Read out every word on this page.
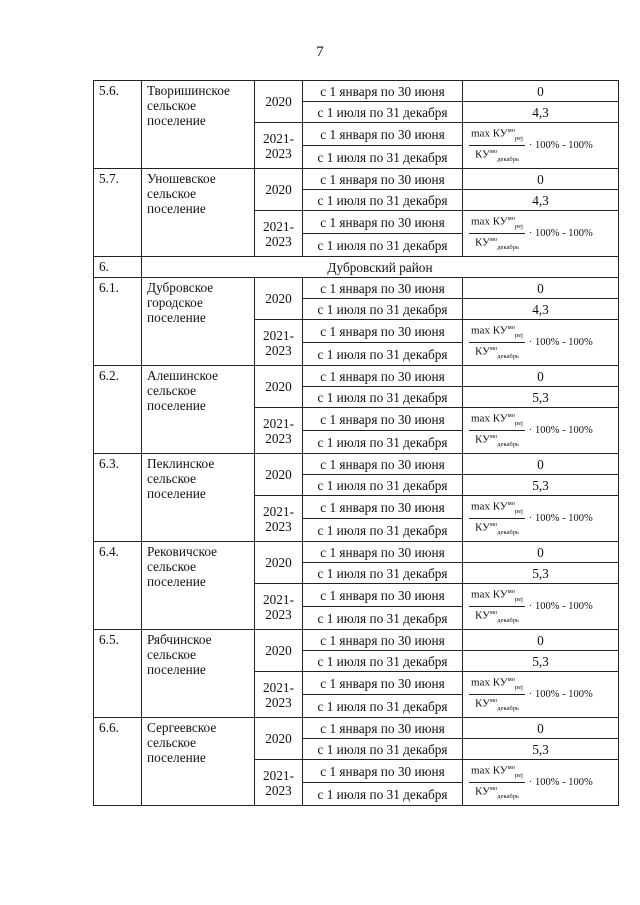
7
5.6.	Творишинское сельское поселение	2020	с 1 января по 30 июня	0
			с 1 июля по 31 декабря	4,3
		2021-2023	с 1 января по 30 июня	$\frac{\max КУ^{мо}_{реj}}{КУ^{мо}_{декабрь}} \cdot 100\% - 100\%$

			с 1 июля по 31 декабря	
5.7.	Уношевское сельское поселение	2020	с 1 января по 30 июня	0
			с 1 июля по 31 декабря	4,3
		2021-2023	с 1 января по 30 июня	$\frac{\max КУ^{мо}_{реj}}{КУ^{мо}_{декабрь}} \cdot 100\% - 100\%$

			с 1 июля по 31 декабря	
6.	Дубровский район			
6.1.	Дубровское городское поселение	2020	с 1 января по 30 июня	0
			с 1 июля по 31 декабря	4,3
		2021-2023	с 1 января по 30 июня	$\frac{\max КУ^{мо}_{реj}}{КУ^{мо}_{декабрь}} \cdot 100\% - 100\%$

			с 1 июля по 31 декабря	
6.2.	Алешинское сельское поселение	2020	с 1 января по 30 июня	0
			с 1 июля по 31 декабря	5,3
		2021-2023	с 1 января по 30 июня	$\frac{\max КУ^{мо}_{реj}}{КУ^{мо}_{декабрь}} \cdot 100\% - 100\%$

			с 1 июля по 31 декабря	
6.3.	Пеклинское сельское поселение	2020	с 1 января по 30 июня	0
			с 1 июля по 31 декабря	5,3
		2021-2023	с 1 января по 30 июня	$\frac{\max КУ^{мо}_{реj}}{КУ^{мо}_{декабрь}} \cdot 100\% - 100\%$

			с 1 июля по 31 декабря	
6.4.	Рековичское сельское поселение	2020	с 1 января по 30 июня	0
			с 1 июля по 31 декабря	5,3
		2021-2023	с 1 января по 30 июня	$\frac{\max КУ^{мо}_{реj}}{КУ^{мо}_{декабрь}} \cdot 100\% - 100\%$

			с 1 июля по 31 декабря	
6.5.	Рябчинское сельское поселение	2020	с 1 января по 30 июня	0
			с 1 июля по 31 декабря	5,3
		2021-2023	с 1 января по 30 июня	$\frac{\max КУ^{мо}_{реj}}{КУ^{мо}_{декабрь}} \cdot 100\% - 100\%$

			с 1 июля по 31 декабря	
6.6.	Сергеевское сельское поселение	2020	с 1 января по 30 июня	0
			с 1 июля по 31 декабря	5,3
		2021-2023	с 1 января по 30 июня	$\frac{\max КУ^{мо}_{реj}}{КУ^{мо}_{декабрь}} \cdot 100\% - 100\%$

			с 1 июля по 31 декабря	
